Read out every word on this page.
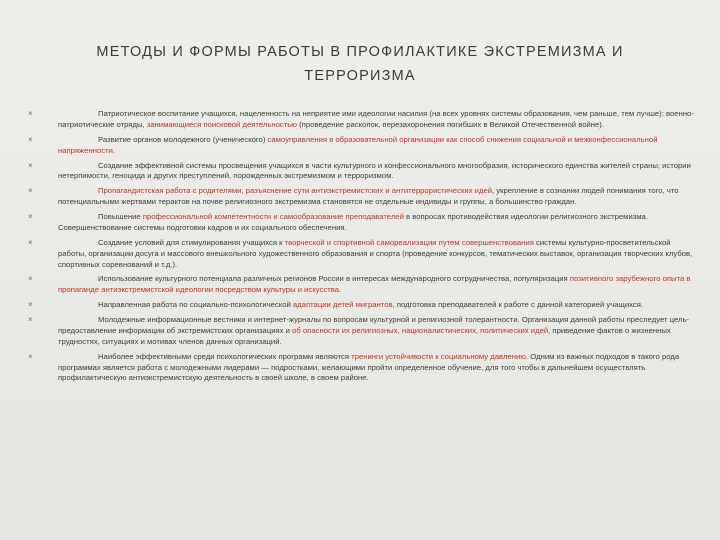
МЕТОДЫ И ФОРМЫ РАБОТЫ В ПРОФИЛАКТИКЕ ЭКСТРЕМИЗМА И
ТЕРРОРИЗМА
×	Патриотическое воспитание учащихся, нацеленность на неприятие ими идеологии насилия (на всех уровнях системы образования, чем раньше, тем лучше): военно-патриотические отряды, занимающиеся поисковой деятельностью (проведение раскопок, перезахоронения погибших в Великой Отечественной войне).
×	Развитие органов молодежного (ученического) самоуправления в образовательной организации как способ снижения социальной и межконфессиональной напряженности.
×	Создание эффективной системы просвещения учащихся в части культурного и конфессионального многообразия, исторического единства жителей страны; истории нетерпимости, геноцида и других преступлений, порожденных экстремизмом и терроризмом.
×	Пропагандистская работа с родителями, разъяснение сути антиэкстремистских и антитеррористических идей, укрепление в сознании людей понимания того, что потенциальными жертвами терактов на почве религиозного экстремизма становятся не отдельные индивиды и группы, а большинство граждан.
×	Повышение профессиональной компетентности и самообразование преподавателей в вопросах противодействия идеологии религиозного экстремизма. Совершенствование системы подготовки кадров и их социального обеспечения.
×	Создание условий для стимулирования учащихся к творческой и спортивной самореализации путем совершенствования системы культурно-просветительской работы, организации досуга и массового внешкольного художественного образования и спорта (проведение конкурсов, тематических выставок, организация творческих клубов, спортивных соревнований и т.д.).
×	Использование культурного потенциала различных регионов России в интересах международного сотрудничества, популяризация позитивного зарубежного опыта в пропаганде антиэкстремистской идеологии посредством культуры и искусства.
×	Направленная работа по социально-психологической адаптации детей мигрантов, подготовка преподавателей к работе с данной категорией учащихся.
×	Молодежные информационные вестники и интернет-журналы по вопросам культурной и религиозной толерантности. Организация данной работы преследует цель-предоставление информации об экстремистских организациях и об опасности их религиозных, националистических, политических идей, приведение фактов о жизненных трудностях, ситуациях и мотивах членов данных организаций.
×	Наиболее эффективными среди психологических программ являются тренинги устойчивости к социальному давлению. Одним из важных подходов в такого рода программах является работа с молодежными лидерами — подростками, желающими пройти определенное обучение, для того чтобы в дальнейшем осуществлять профилактическую антиэкстремистскую деятельность в своей школе, в своем районе.
